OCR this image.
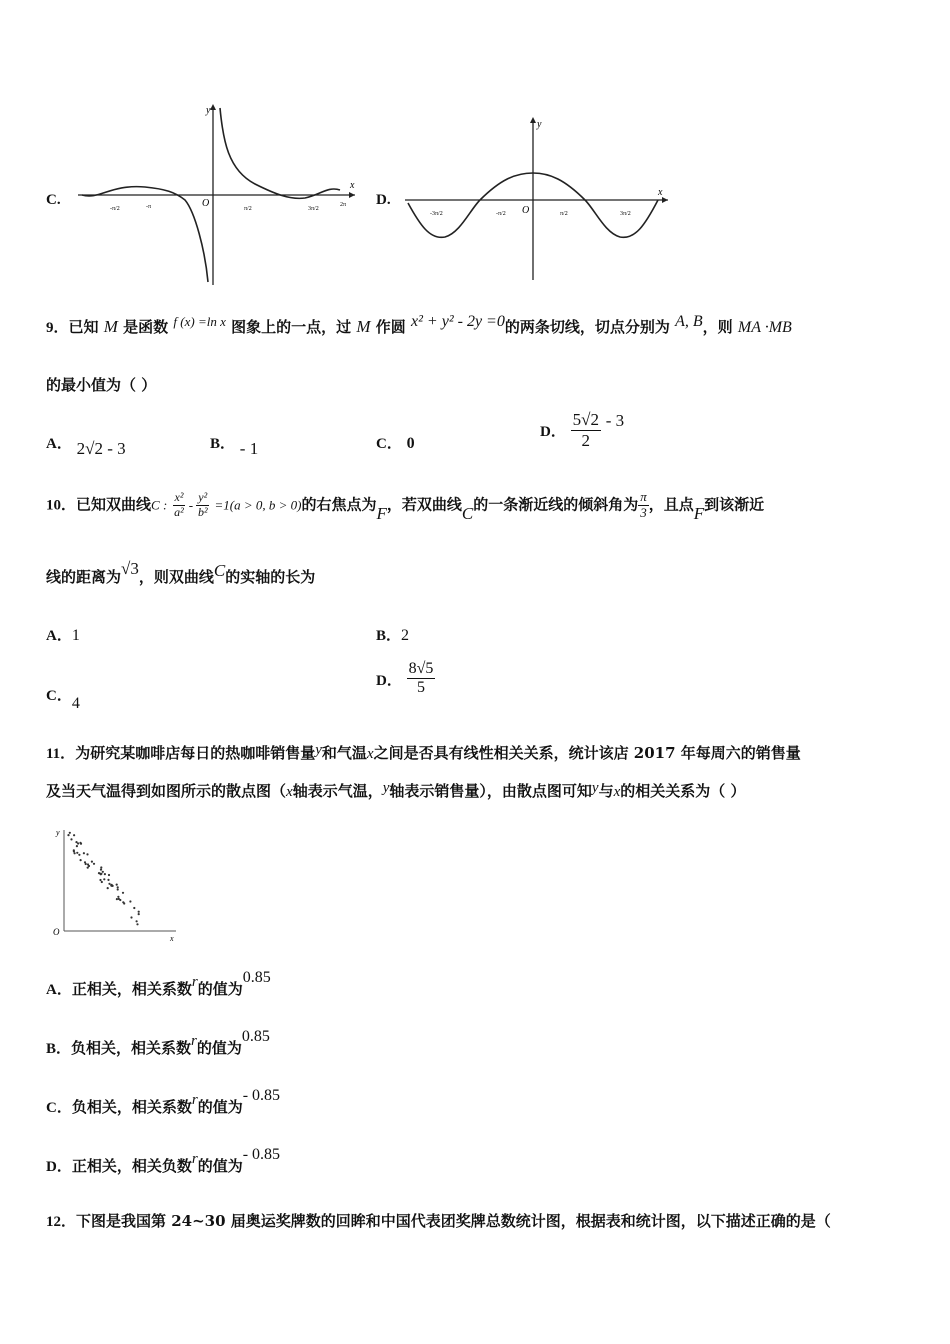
C.
y
x
O
-π
-π/2	π/2	3π/2
2π D.
y
x
O
-3π/2	-π/2	π/2	3π/2
9．已知 M 是函数 f (x) =ln x 图象上的一点，过 M 作圆 x² + y² - 2y =0的两条切线，切点分别为 A, B，则 MA ·MB
的最小值为（ ）
A． 2√2 - 3	B． - 1	C． 0
D． $\frac{5√2}{2} - 3$
10．已知双曲线C : $\frac{\text{x²}}{\text{a²}} - \frac{\text{y²}}{\text{b²}} =1(a > 0$, b > 0)的右焦点为F，若双曲线C的一条渐近线的倾斜角为 $\frac{\pi}{3}$ ，且点F到该渐近
线的距离为√3，则双曲线C的实轴的长为
A．1	B．2
C．4
D． $\frac{8√5}{5}$
11．为研究某咖啡店每日的热咖啡销售量y和气温x之间是否具有线性相关关系，统计该店 2017 年每周六的销售量
及当天气温得到如图所示的散点图（x轴表示气温，y轴表示销售量），由散点图可知y与x的相关关系为（ ）
y
x
O
A．正相关，相关系数r的值为0.85
B．负相关，相关系数r的值为0.85
C．负相关，相关系数r的值为- 0.85
D．正相关，相关负数r的值为- 0.85
12．下图是我国第 24~30 届奥运奖牌数的回眸和中国代表团奖牌总数统计图，根据表和统计图，以下描述正确的是（
